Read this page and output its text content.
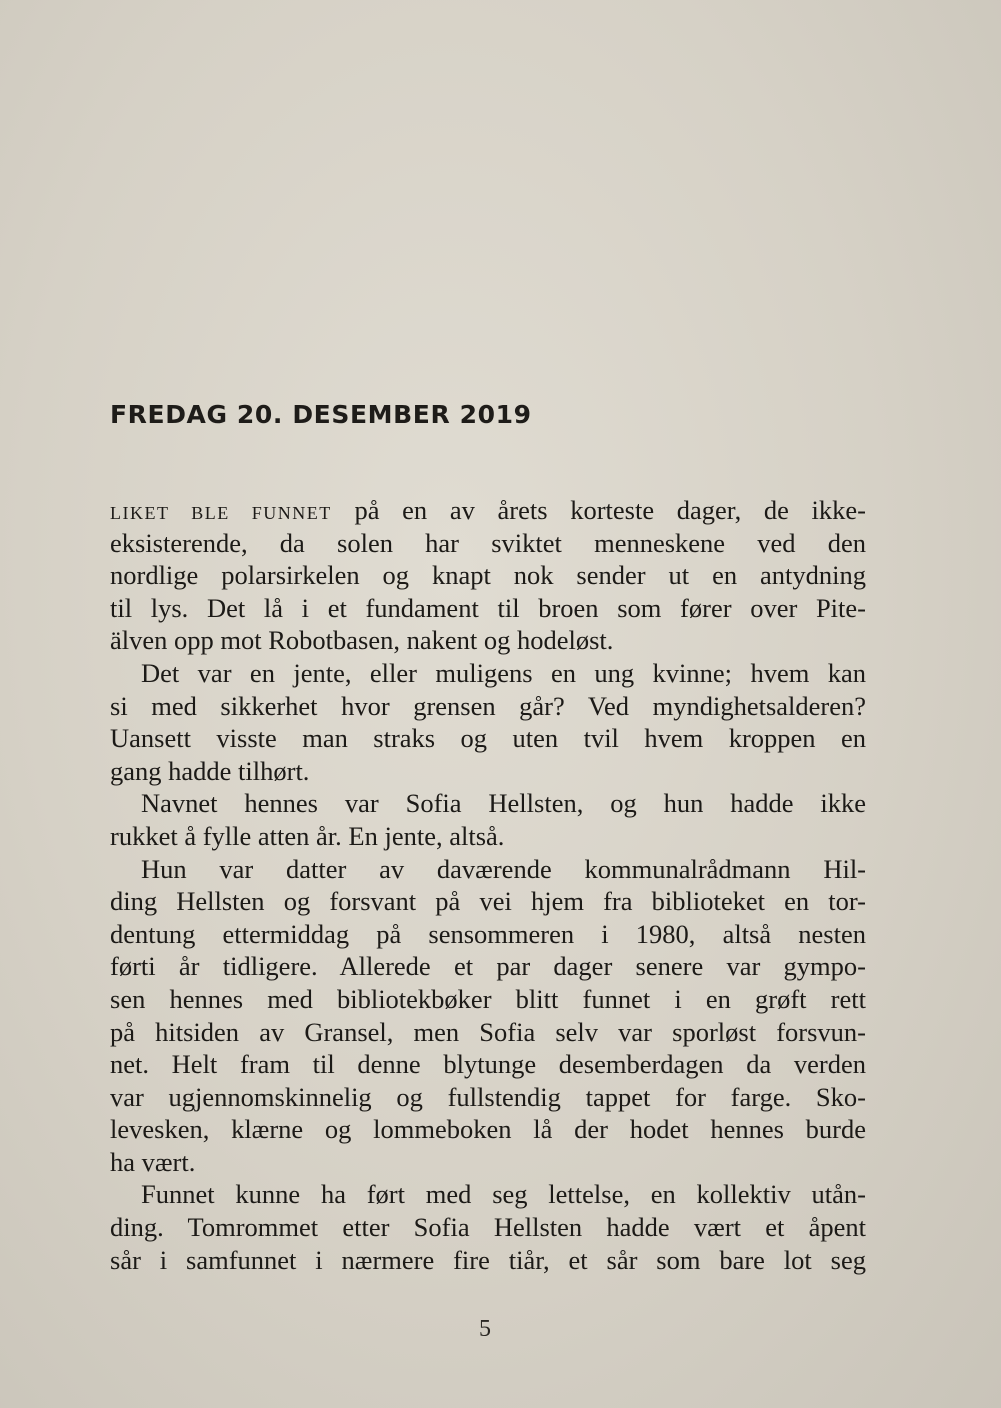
FREDAG 20. DESEMBER 2019
LIKET BLE FUNNET på en av årets korteste dager, de ikke-
eksisterende, da solen har sviktet menneskene ved den
nordlige polarsirkelen og knapt nok sender ut en antydning
til lys. Det lå i et fundament til broen som fører over Pite-
älven opp mot Robotbasen, nakent og hodeløst.
Det var en jente, eller muligens en ung kvinne; hvem kan
si med sikkerhet hvor grensen går? Ved myndighetsalderen?
Uansett visste man straks og uten tvil hvem kroppen en
gang hadde tilhørt.
Navnet hennes var Sofia Hellsten, og hun hadde ikke
rukket å fylle atten år. En jente, altså.
Hun var datter av daværende kommunalrådmann Hil-
ding Hellsten og forsvant på vei hjem fra biblioteket en tor-
dentung ettermiddag på sensommeren i 1980, altså nesten
førti år tidligere. Allerede et par dager senere var gympo-
sen hennes med bibliotekbøker blitt funnet i en grøft rett
på hitsiden av Gransel, men Sofia selv var sporløst forsvun-
net. Helt fram til denne blytunge desemberdagen da verden
var ugjennomskinnelig og fullstendig tappet for farge. Sko-
levesken, klærne og lommeboken lå der hodet hennes burde
ha vært.
Funnet kunne ha ført med seg lettelse, en kollektiv utån-
ding. Tomrommet etter Sofia Hellsten hadde vært et åpent
sår i samfunnet i nærmere fire tiår, et sår som bare lot seg
5
